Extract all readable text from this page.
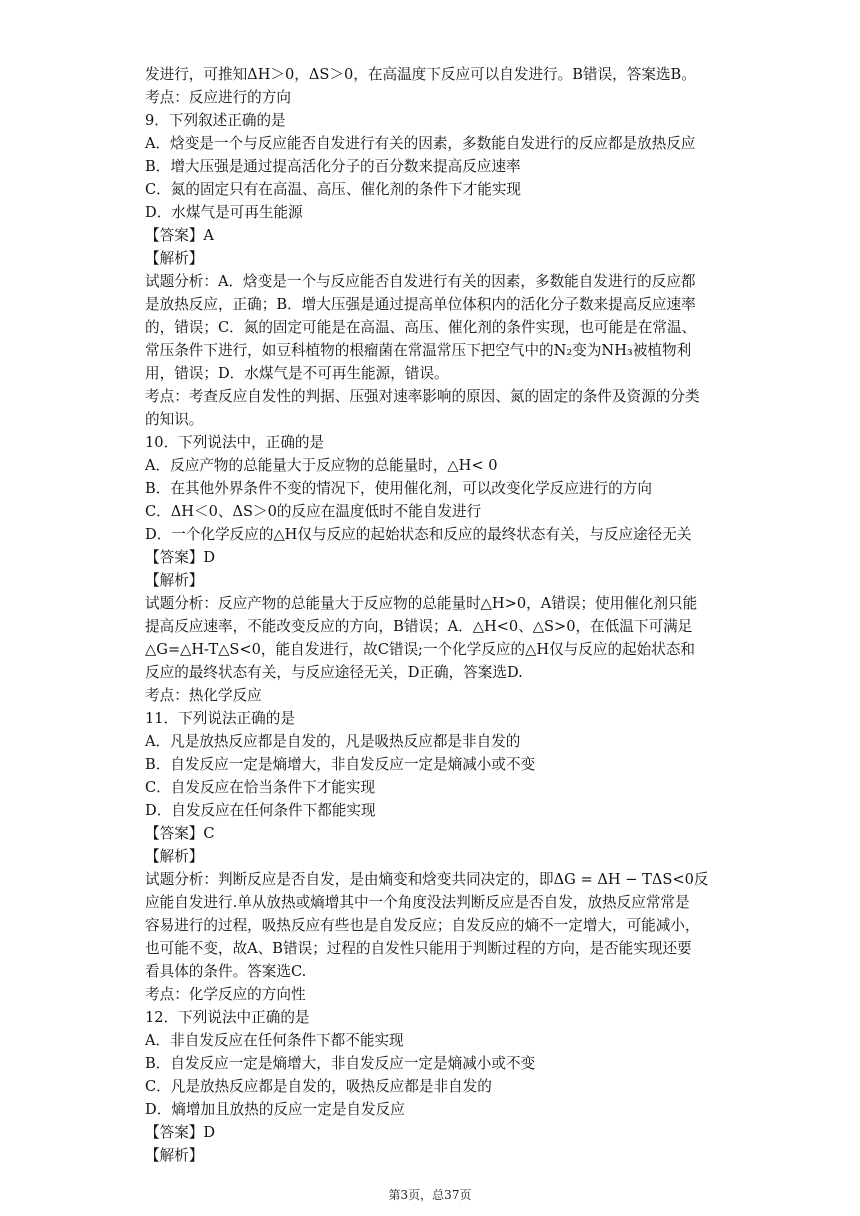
发进行，可推知ΔH＞0，ΔS＞0，在高温度下反应可以自发进行。B错误，答案选B。
考点：反应进行的方向
9．下列叙述正确的是
A．焓变是一个与反应能否自发进行有关的因素，多数能自发进行的反应都是放热反应
B．增大压强是通过提高活化分子的百分数来提高反应速率
C．氮的固定只有在高温、高压、催化剂的条件下才能实现
D．水煤气是可再生能源
【答案】A
【解析】
试题分析：A．焓变是一个与反应能否自发进行有关的因素，多数能自发进行的反应都
是放热反应，正确；B．增大压强是通过提高单位体积内的活化分子数来提高反应速率
的，错误；C．氮的固定可能是在高温、高压、催化剂的条件实现，也可能是在常温、
常压条件下进行，如豆科植物的根瘤菌在常温常压下把空气中的N₂变为NH₃被植物利
用，错误；D．水煤气是不可再生能源，错误。
考点：考查反应自发性的判据、压强对速率影响的原因、氮的固定的条件及资源的分类
的知识。
10．下列说法中，正确的是
A．反应产物的总能量大于反应物的总能量时，△H< 0
B．在其他外界条件不变的情况下，使用催化剂，可以改变化学反应进行的方向
C．ΔH＜0、ΔS＞0的反应在温度低时不能自发进行
D．一个化学反应的△H仅与反应的起始状态和反应的最终状态有关，与反应途径无关
【答案】D
【解析】
试题分析：反应产物的总能量大于反应物的总能量时△H>0，A错误；使用催化剂只能
提高反应速率，不能改变反应的方向，B错误；A．△H<0、△S>0，在低温下可满足
△G=△H-T△S<0，能自发进行，故C错误;一个化学反应的△H仅与反应的起始状态和
反应的最终状态有关，与反应途径无关，D正确，答案选D.
考点：热化学反应
11．下列说法正确的是
A．凡是放热反应都是自发的，凡是吸热反应都是非自发的
B．自发反应一定是熵增大，非自发反应一定是熵减小或不变
C．自发反应在恰当条件下才能实现
D．自发反应在任何条件下都能实现
【答案】C
【解析】
试题分析：判断反应是否自发，是由熵变和焓变共同决定的，即ΔG = ΔH − TΔS<0反
应能自发进行.单从放热或熵增其中一个角度没法判断反应是否自发，放热反应常常是
容易进行的过程，吸热反应有些也是自发反应；自发反应的熵不一定增大，可能减小，
也可能不变，故A、B错误；过程的自发性只能用于判断过程的方向，是否能实现还要
看具体的条件。答案选C.
考点：化学反应的方向性
12．下列说法中正确的是
A．非自发反应在任何条件下都不能实现
B．自发反应一定是熵增大，非自发反应一定是熵减小或不变
C．凡是放热反应都是自发的，吸热反应都是非自发的
D．熵增加且放热的反应一定是自发反应
【答案】D
【解析】
第3页，总37页
